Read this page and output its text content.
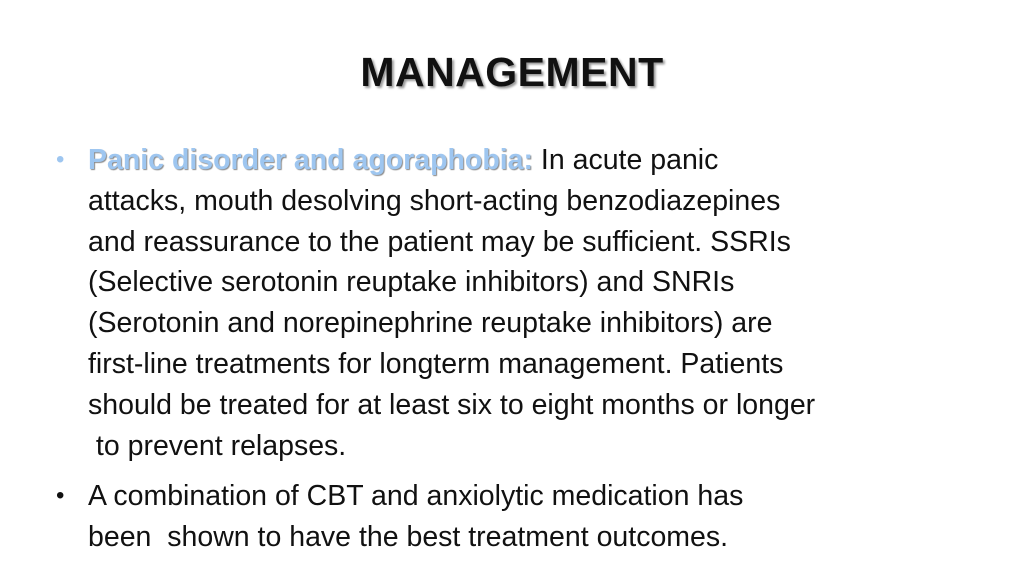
MANAGEMENT
• Panic disorder and agoraphobia: In acute panic
attacks, mouth desolving short-acting benzodiazepines
and reassurance to the patient may be sufficient. SSRIs
(Selective serotonin reuptake inhibitors) and SNRIs
(Serotonin and norepinephrine reuptake inhibitors) are
first-line treatments for longterm management. Patients
should be treated for at least six to eight months or longer
to prevent relapses.
• A combination of CBT and anxiolytic medication has
been  shown to have the best treatment outcomes.
